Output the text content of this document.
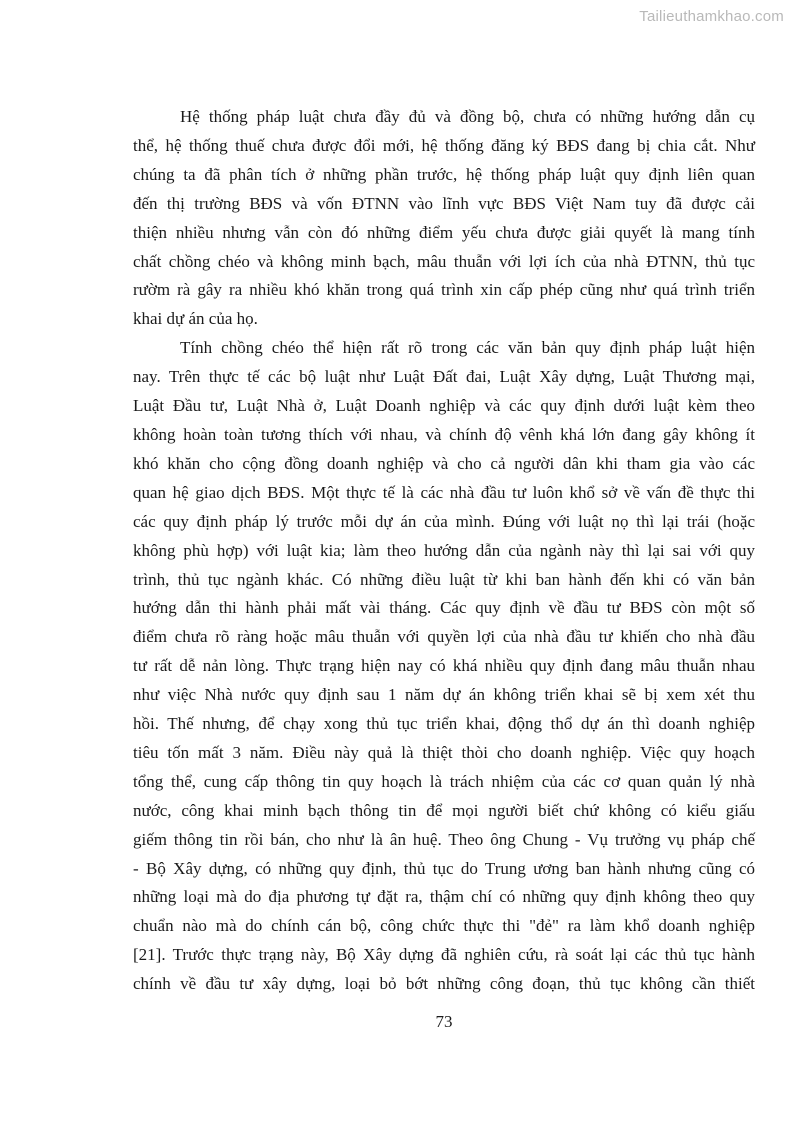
Tailieuthamkhao.com
Hệ thống pháp luật chưa đầy đủ và đồng bộ, chưa có những hướng dẫn cụ
thể, hệ thống thuế chưa được đổi mới, hệ thống đăng ký BĐS đang bị chia cắt. Như
chúng ta đã phân tích ở những phần trước, hệ thống pháp luật quy định liên quan
đến thị trường BĐS và vốn ĐTNN vào lĩnh vực BĐS Việt Nam tuy đã được cải
thiện nhiều nhưng vẫn còn đó những điểm yếu chưa được giải quyết là mang tính
chất chồng chéo và không minh bạch, mâu thuẫn với lợi ích của nhà ĐTNN, thủ tục
rườm rà gây ra nhiều khó khăn trong quá trình xin cấp phép cũng như quá trình triển
khai dự án của họ.
Tính chồng chéo thể hiện rất rõ trong các văn bản quy định pháp luật hiện
nay. Trên thực tế các bộ luật như Luật Đất đai, Luật Xây dựng, Luật Thương mại,
Luật Đầu tư, Luật Nhà ở, Luật Doanh nghiệp và các quy định dưới luật kèm theo
không hoàn toàn tương thích với nhau, và chính độ vênh khá lớn đang gây không ít
khó khăn cho cộng đồng doanh nghiệp và cho cả người dân khi tham gia vào các
quan hệ giao dịch BĐS. Một thực tế là các nhà đầu tư luôn khổ sở về vấn đề thực thi
các quy định pháp lý trước mỗi dự án của mình. Đúng với luật nọ thì lại trái (hoặc
không phù hợp) với luật kia; làm theo hướng dẫn của ngành này thì lại sai với quy
trình, thủ tục ngành khác. Có những điều luật từ khi ban hành đến khi có văn bản
hướng dẫn thi hành phải mất vài tháng. Các quy định về đầu tư BĐS còn một số
điểm chưa rõ ràng hoặc mâu thuẫn với quyền lợi của nhà đầu tư khiến cho nhà đầu
tư rất dễ nản lòng. Thực trạng hiện nay có khá nhiều quy định đang mâu thuẫn nhau
như việc Nhà nước quy định sau 1 năm dự án không triển khai sẽ bị xem xét thu
hồi. Thế nhưng, để chạy xong thủ tục triển khai, động thổ dự án thì doanh nghiệp
tiêu tốn mất 3 năm. Điều này quả là thiệt thòi cho doanh nghiệp. Việc quy hoạch
tổng thể, cung cấp thông tin quy hoạch là trách nhiệm của các cơ quan quản lý nhà
nước, công khai minh bạch thông tin để mọi người biết chứ không có kiểu giấu
giếm thông tin rồi bán, cho như là ân huệ. Theo ông Chung - Vụ trưởng vụ pháp chế
- Bộ Xây dựng, có những quy định, thủ tục do Trung ương ban hành nhưng cũng có
những loại mà do địa phương tự đặt ra, thậm chí có những quy định không theo quy
chuẩn nào mà do chính cán bộ, công chức thực thi "đẻ" ra làm khổ doanh nghiệp
[21]. Trước thực trạng này, Bộ Xây dựng đã nghiên cứu, rà soát lại các thủ tục hành
chính về đầu tư xây dựng, loại bỏ bớt những công đoạn, thủ tục không cần thiết
73
